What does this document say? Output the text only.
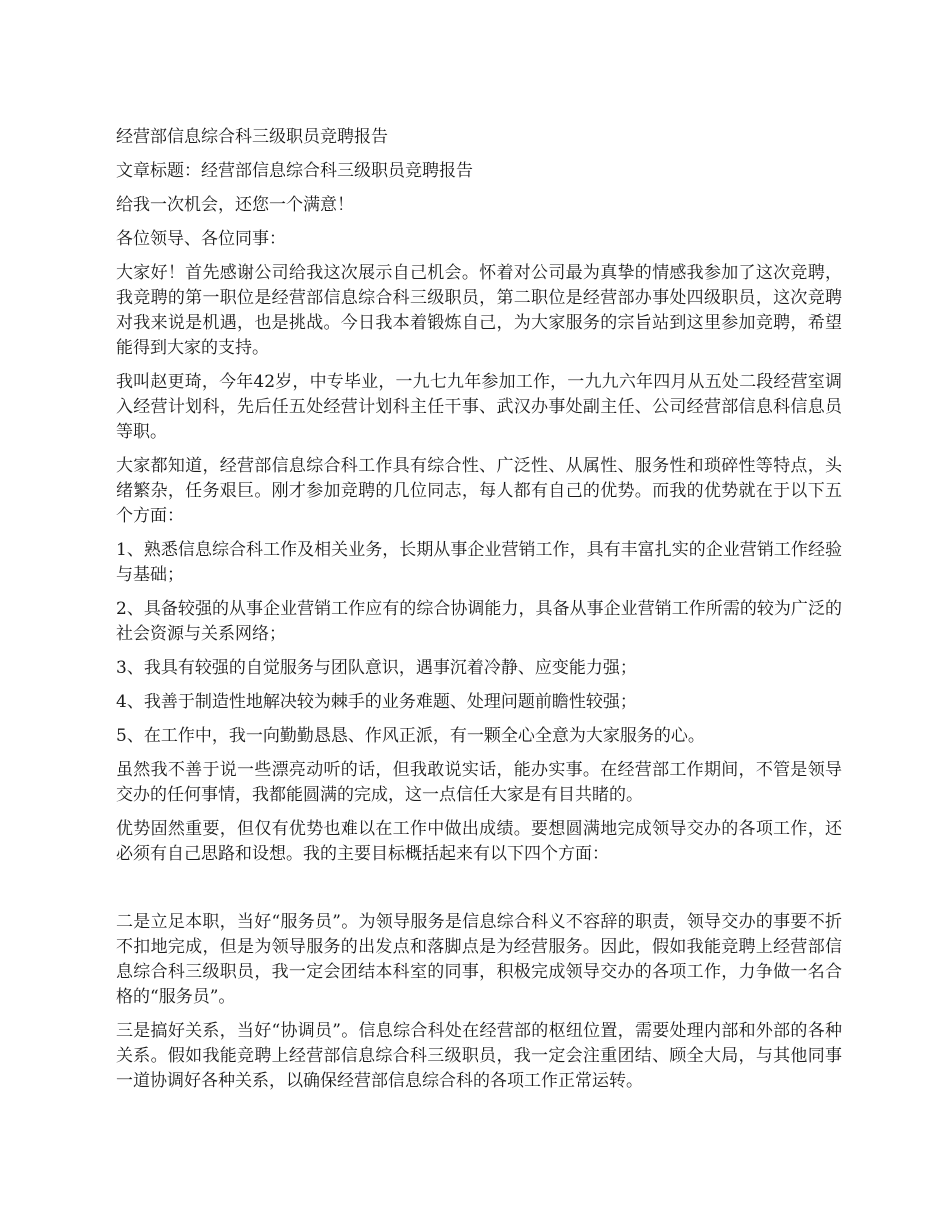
经营部信息综合科三级职员竞聘报告

文章标题：经营部信息综合科三级职员竞聘报告

给我一次机会，还您一个满意！

各位领导、各位同事：

大家好！首先感谢公司给我这次展示自己机会。怀着对公司最为真挚的情感我参加了这次竞聘，我竞聘的第一职位是经营部信息综合科三级职员，第二职位是经营部办事处四级职员，这次竞聘对我来说是机遇，也是挑战。今日我本着锻炼自己，为大家服务的宗旨站到这里参加竞聘，希望能得到大家的支持。

我叫赵更琦，今年42岁，中专毕业，一九七九年参加工作，一九九六年四月从五处二段经营室调入经营计划科，先后任五处经营计划科主任干事、武汉办事处副主任、公司经营部信息科信息员等职。

大家都知道，经营部信息综合科工作具有综合性、广泛性、从属性、服务性和琐碎性等特点，头绪繁杂，任务艰巨。刚才参加竞聘的几位同志，每人都有自己的优势。而我的优势就在于以下五个方面：

1、熟悉信息综合科工作及相关业务，长期从事企业营销工作，具有丰富扎实的企业营销工作经验与基础；

2、具备较强的从事企业营销工作应有的综合协调能力，具备从事企业营销工作所需的较为广泛的社会资源与关系网络；

3、我具有较强的自觉服务与团队意识，遇事沉着冷静、应变能力强；

4、我善于制造性地解决较为棘手的业务难题、处理问题前瞻性较强；

5、在工作中，我一向勤勤恳恳、作风正派，有一颗全心全意为大家服务的心。

虽然我不善于说一些漂亮动听的话，但我敢说实话，能办实事。在经营部工作期间，不管是领导交办的任何事情，我都能圆满的完成，这一点信任大家是有目共睹的。

优势固然重要，但仅有优势也难以在工作中做出成绩。要想圆满地完成领导交办的各项工作，还必须有自己思路和设想。我的主要目标概括起来有以下四个方面：

二是立足本职，当好“服务员”。为领导服务是信息综合科义不容辞的职责，领导交办的事要不折不扣地完成，但是为领导服务的出发点和落脚点是为经营服务。因此，假如我能竞聘上经营部信息综合科三级职员，我一定会团结本科室的同事，积极完成领导交办的各项工作，力争做一名合格的“服务员”。

三是搞好关系，当好“协调员”。信息综合科处在经营部的枢纽位置，需要处理内部和外部的各种关系。假如我能竞聘上经营部信息综合科三级职员，我一定会注重团结、顾全大局，与其他同事一道协调好各种关系，以确保经营部信息综合科的各项工作正常运转。
